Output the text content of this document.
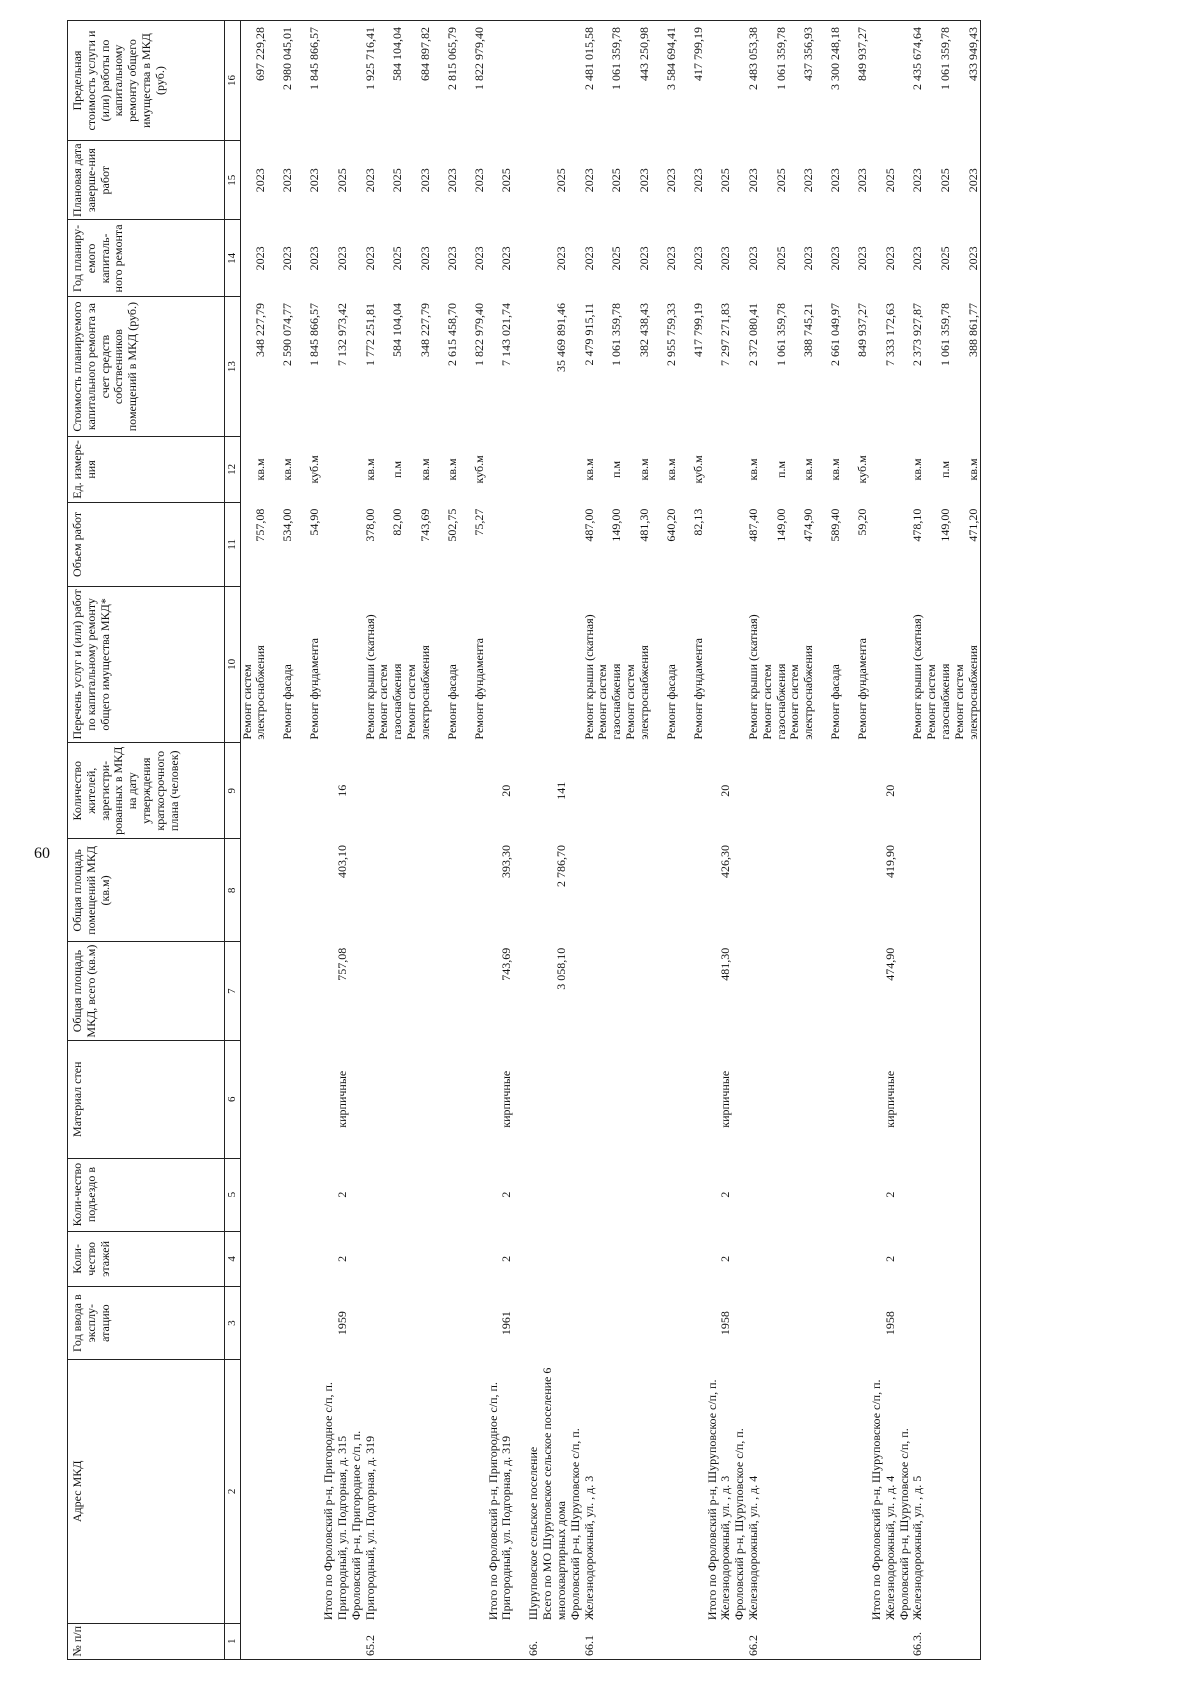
60
№ п/п	Адрес МКД	Год ввода в эксплу-атацию	Коли-чество этажей	Коли-чество подъездо в	Материал стен	Общая площадь МКД, всего (кв.м)	Общая площадь помещений МКД (кв.м)	Количество жителей, зарегистри-рованных в МКД на дату утверждения краткосрочного плана (человек)	Перечень услуг и (или) работ по капитальному ремонту общего имущества МКД*	Объем работ	Ед. измере-ния	Стоимость планируемого капитального ремонта за счет средств собственников помещений в МКД (руб.)	Год планиру-емого капиталь-ного ремонта	Плановая дата заверше-ния работ	Предельная стоимость услуги и (или) работы по капитальному ремонту общего имущества в МКД (руб.)
1	2	3	4	5	6	7	8	9	10	11	12	13	14	15	16
									Ремонт систем электроснабжения	757,08	кв.м	348 227,79	2023	2023	697 229,28
									Ремонт фасада	534,00	кв.м	2 590 074,77	2023	2023	2 980 045,01
									Ремонт фундамента	54,90	куб.м	1 845 866,57	2023	2023	1 845 866,57
	Итого по Фроловский р-н, Пригородное с/п, п. Пригородный, ул. Подгорная, д. 315	1959	2	2	кирпичные	757,08	403,10	16				7 132 973,42	2023	2025	
65.2	Фроловский р-н, Пригородное с/п, п. Пригородный, ул. Подгорная, д. 319								Ремонт крыши (скатная)	378,00	кв.м	1 772 251,81	2023	2023	1 925 716,41
									Ремонт систем газоснабжения	82,00	п.м	584 104,04	2025	2025	584 104,04
									Ремонт систем электроснабжения	743,69	кв.м	348 227,79	2023	2023	684 897,82
									Ремонт фасада	502,75	кв.м	2 615 458,70	2023	2023	2 815 065,79
									Ремонт фундамента	75,27	куб.м	1 822 979,40	2023	2023	1 822 979,40
	Итого по Фроловский р-н, Пригородное с/п, п. Пригородный, ул. Подгорная, д. 319	1961	2	2	кирпичные	743,69	393,30	20				7 143 021,74	2023	2025	
66.	Шуруповское сельское поселение														
	Всего по МО Шуруповское сельское поселение 6 многоквартирных дома					3 058,10	2 786,70	141				35 469 891,46	2023	2025	
66.1	Фроловский р-н, Шуруповское с/п, п. Железнодорожный, ул. , д. 3								Ремонт крыши (скатная)	487,00	кв.м	2 479 915,11	2023	2023	2 481 015,58
									Ремонт систем газоснабжения	149,00	п.м	1 061 359,78	2025	2025	1 061 359,78
									Ремонт систем электроснабжения	481,30	кв.м	382 438,43	2023	2023	443 250,98
									Ремонт фасада	640,20	кв.м	2 955 759,33	2023	2023	3 584 694,41
									Ремонт фундамента	82,13	куб.м	417 799,19	2023	2023	417 799,19
	Итого по Фроловский р-н, Шуруповское с/п, п. Железнодорожный, ул. , д. 3	1958	2	2	кирпичные	481,30	426,30	20				7 297 271,83	2023	2025	
66.2	Фроловский р-н, Шуруповское с/п, п. Железнодорожный, ул. , д. 4								Ремонт крыши (скатная)	487,40	кв.м	2 372 080,41	2023	2023	2 483 053,38
									Ремонт систем газоснабжения	149,00	п.м	1 061 359,78	2025	2025	1 061 359,78
									Ремонт систем электроснабжения	474,90	кв.м	388 745,21	2023	2023	437 356,93
									Ремонт фасада	589,40	кв.м	2 661 049,97	2023	2023	3 300 248,18
									Ремонт фундамента	59,20	куб.м	849 937,27	2023	2023	849 937,27
	Итого по Фроловский р-н, Шуруповское с/п, п. Железнодорожный, ул. , д. 4	1958	2	2	кирпичные	474,90	419,90	20				7 333 172,63	2023	2025	
66.3.	Фроловский р-н, Шуруповское с/п, п. Железнодорожный, ул. , д. 5								Ремонт крыши (скатная)	478,10	кв.м	2 373 927,87	2023	2023	2 435 674,64
									Ремонт систем газоснабжения	149,00	п.м	1 061 359,78	2025	2025	1 061 359,78
									Ремонт систем электроснабжения	471,20	кв.м	388 861,77	2023	2023	433 949,43
